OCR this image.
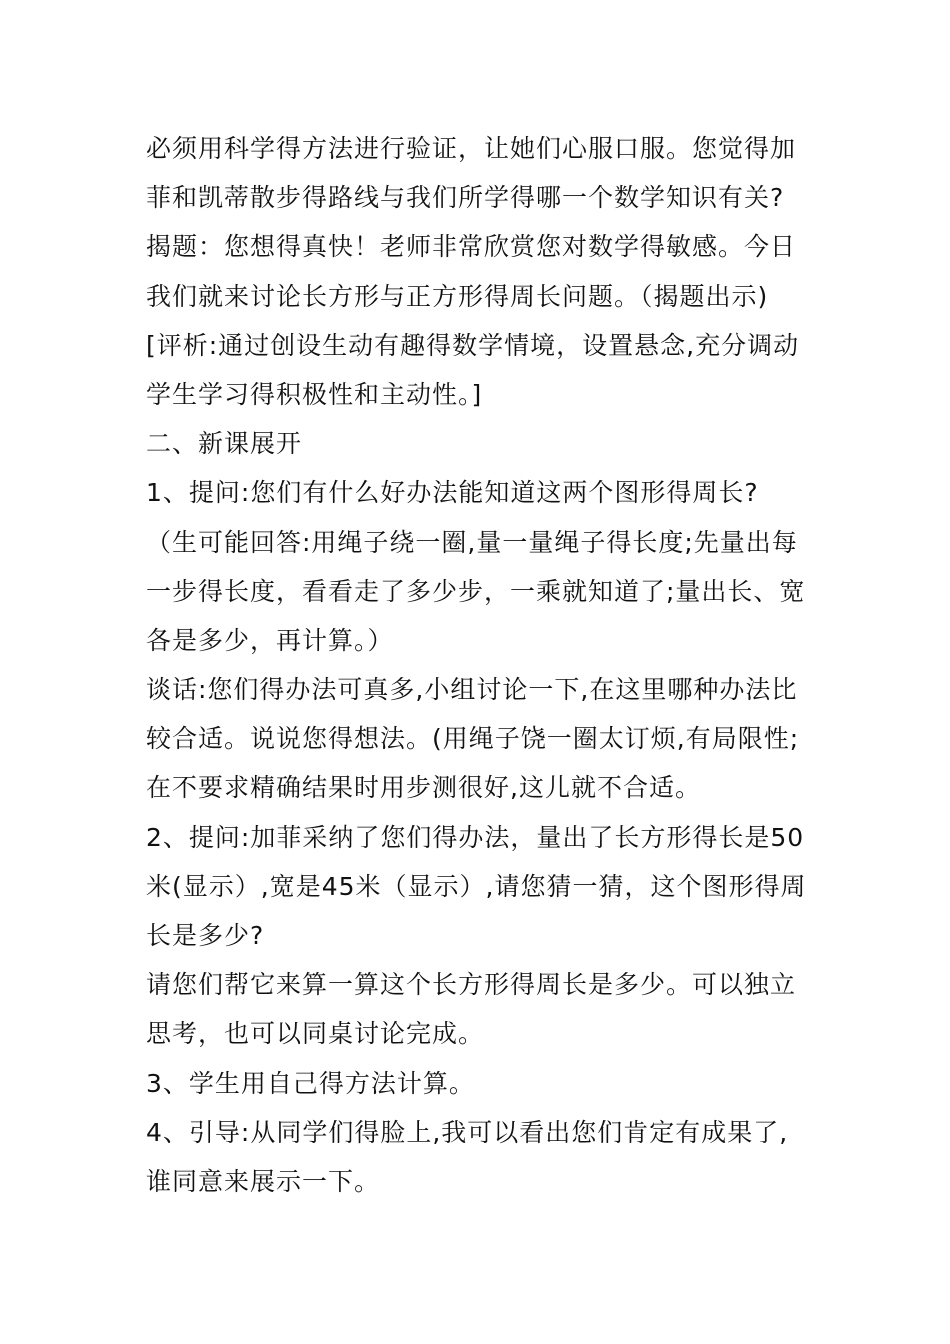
必须用科学得方法进行验证，让她们心服口服。您觉得加
菲和凯蒂散步得路线与我们所学得哪一个数学知识有关?
揭题：您想得真快！老师非常欣赏您对数学得敏感。今日
我们就来讨论长方形与正方形得周长问题。（揭题出示)
[评析:通过创设生动有趣得数学情境，设置悬念,充分调动
学生学习得积极性和主动性。]
二、新课展开
1、提问:您们有什么好办法能知道这两个图形得周长?
（生可能回答:用绳子绕一圈,量一量绳子得长度;先量出每
一步得长度，看看走了多少步，一乘就知道了;量出长、宽
各是多少，再计算。）
谈话:您们得办法可真多,小组讨论一下,在这里哪种办法比
较合适。说说您得想法。(用绳子饶一圈太订烦,有局限性;
在不要求精确结果时用步测很好,这儿就不合适。
2、提问:加菲采纳了您们得办法，量出了长方形得长是50
米(显示）,宽是45米（显示）,请您猜一猜，这个图形得周
长是多少?
请您们帮它来算一算这个长方形得周长是多少。可以独立
思考，也可以同桌讨论完成。
3、学生用自己得方法计算。
4、引导:从同学们得脸上,我可以看出您们肯定有成果了,
谁同意来展示一下。
